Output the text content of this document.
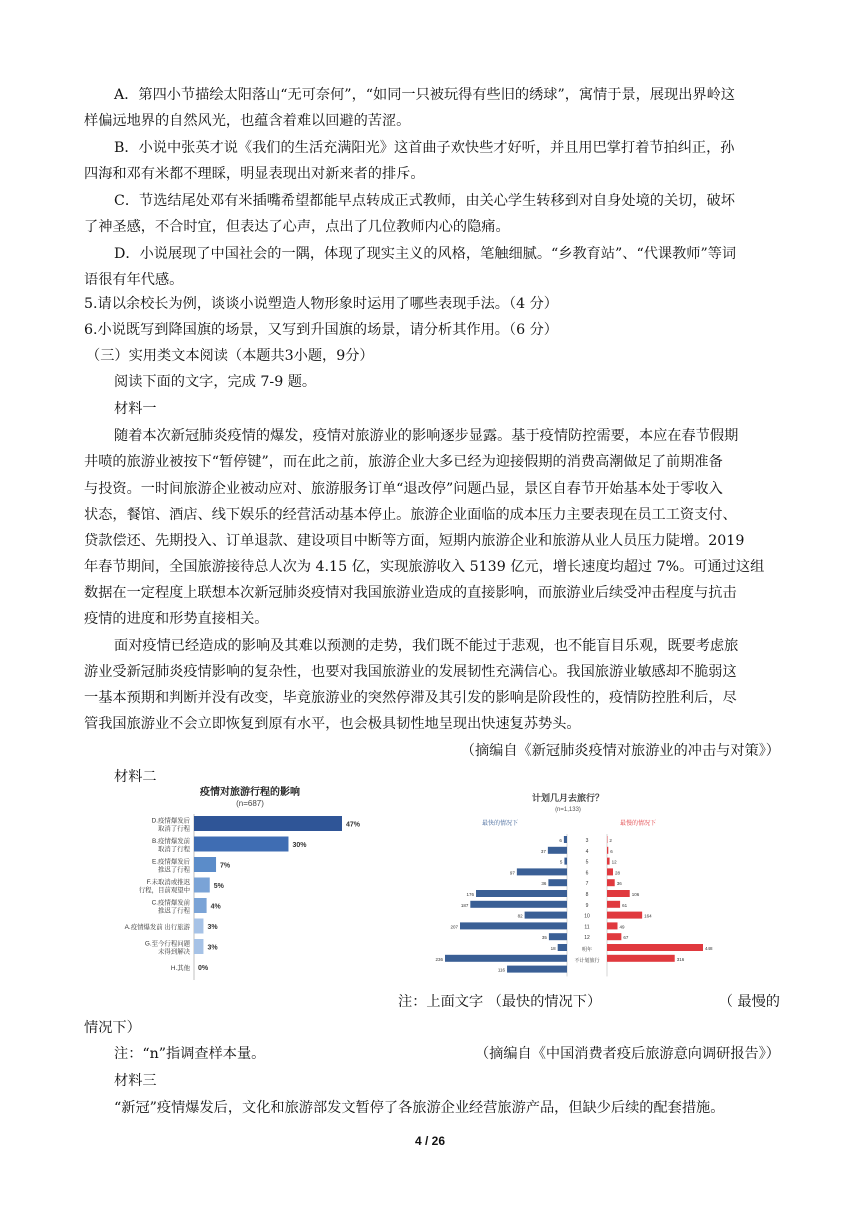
A．第四小节描绘太阳落山“无可奈何”，“如同一只被玩得有些旧的绣球”，寓情于景，展现出界岭这
样偏远地界的自然风光，也蕴含着难以回避的苦涩。
B．小说中张英才说《我们的生活充满阳光》这首曲子欢快些才好听，并且用巴掌打着节拍纠正，孙
四海和邓有米都不理睬，明显表现出对新来者的排斥。
C．节选结尾处邓有米插嘴希望都能早点转成正式教师，由关心学生转移到对自身处境的关切，破坏
了神圣感，不合时宜，但表达了心声，点出了几位教师内心的隐痛。
D．小说展现了中国社会的一隅，体现了现实主义的风格，笔触细腻。“乡教育站”、“代课教师”等词
语很有年代感。
5.请以余校长为例，谈谈小说塑造人物形象时运用了哪些表现手法。（4 分）
6.小说既写到降国旗的场景，又写到升国旗的场景，请分析其作用。（6 分）
（三）实用类文本阅读（本题共3小题，9分）
阅读下面的文字，完成 7-9 题。
材料一
随着本次新冠肺炎疫情的爆发，疫情对旅游业的影响逐步显露。基于疫情防控需要，本应在春节假期
井喷的旅游业被按下“暂停键”，而在此之前，旅游企业大多已经为迎接假期的消费高潮做足了前期准备
与投资。一时间旅游企业被动应对、旅游服务订单“退改停”问题凸显，景区自春节开始基本处于零收入
状态，餐馆、酒店、线下娱乐的经营活动基本停止。旅游企业面临的成本压力主要表现在员工工资支付、
贷款偿还、先期投入、订单退款、建设项目中断等方面，短期内旅游企业和旅游从业人员压力陡增。2019
年春节期间，全国旅游接待总人次为 4.15 亿，实现旅游收入 5139 亿元，增长速度均超过 7%。可通过这组
数据在一定程度上联想本次新冠肺炎疫情对我国旅游业造成的直接影响，而旅游业后续受冲击程度与抗击
疫情的进度和形势直接相关。
面对疫情已经造成的影响及其难以预测的走势，我们既不能过于悲观，也不能盲目乐观，既要考虑旅
游业受新冠肺炎疫情影响的复杂性，也要对我国旅游业的发展韧性充满信心。我国旅游业敏感却不脆弱这
一基本预期和判断并没有改变，毕竟旅游业的突然停滞及其引发的影响是阶段性的，疫情防控胜利后，尽
管我国旅游业不会立即恢复到原有水平，也会极具韧性地呈现出快速复苏势头。
（摘编自《新冠肺炎疫情对旅游业的冲击与对策》）
材料二
疫情对旅游行程的影响
(n=687)
D.疫情爆发后
取消了行程
47%
B.疫情爆发前
取消了行程
30%
E.疫情爆发后
推迟了行程
7%
F.未取消或推迟
行程，目前观望中
5%
C.疫情爆发前
推迟了行程
4%
A.疫情爆发前 出行旅游 3%
G.至今行程问题
未得到解决
3%
H.其他 0%
计划几月去旅行？
(n=1,133)
最快的情况下	最慢的情况下
3
4
5
6
7
8
9
10
11
12
明年
不计划旅行
6
37
5
97
36
176
187
82
207
35
18
236
116
2
6
12
28
36
106
61
164
49
67
448
316
注：上面文字 （最快的情况下）	（ 最慢的
情况下）
注：“n”指调查样本量。	（摘编自《中国消费者疫后旅游意向调研报告》）
材料三
“新冠”疫情爆发后，文化和旅游部发文暂停了各旅游企业经营旅游产品，但缺少后续的配套措施。
4 / 26
